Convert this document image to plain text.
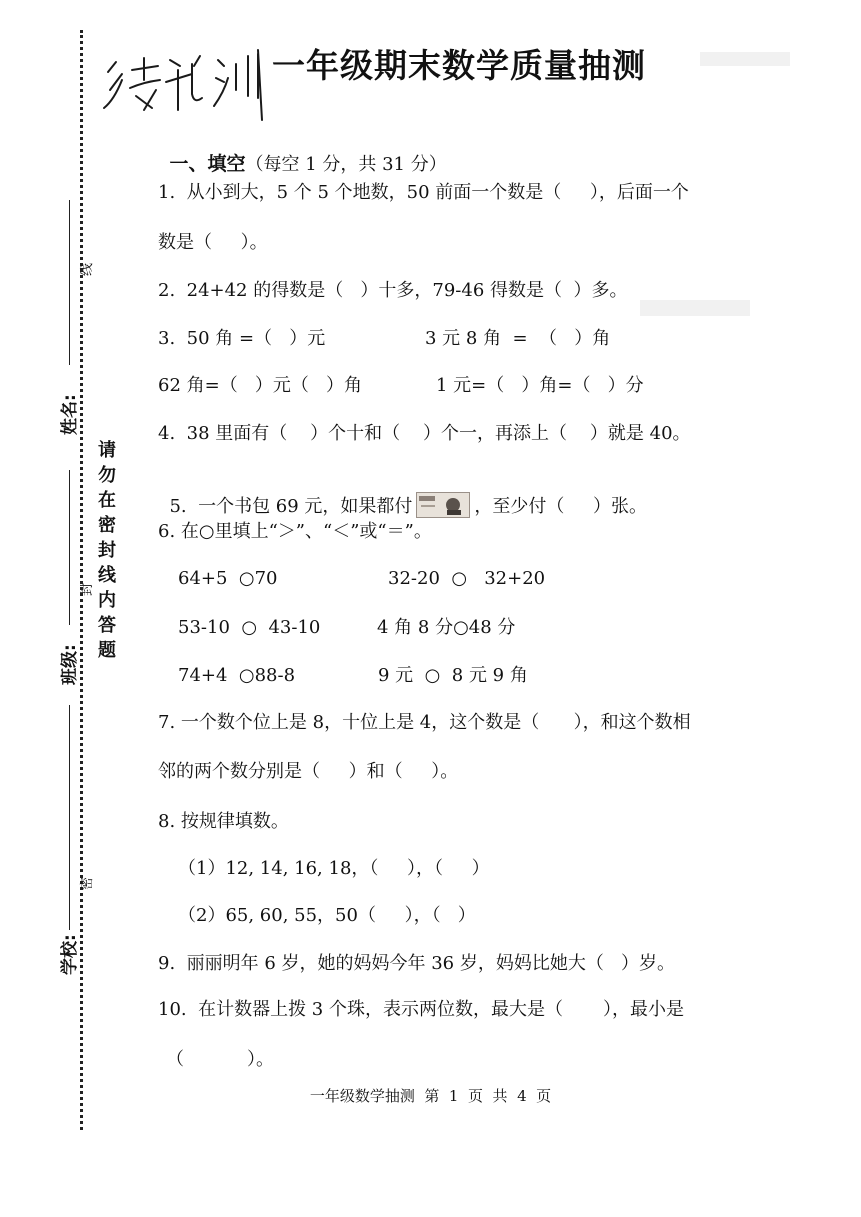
姓名:
班级:
学校:
线
封
密
请勿在密封线内答题
一年级期末数学质量抽测

一、填空（每空 1 分，共 31 分）

1.  从小到大，5 个 5 个地数，50 前面一个数是（     ），后面一个
数是（     ）。
2.  24+42 的得数是（   ）十多，79-46 得数是（  ）多。
3.  50 角 =（   ）元	3 元 8 角  =  （   ）角
62 角=（   ）元（   ）角	1 元=（   ）角=（   ）分
4.  38 里面有（    ）个十和（    ）个一，再添上（    ）就是 40。

5.  一个书包 69 元，如果都付	，至少付（     ）张。

6. 在○里填上“＞”、“＜”或“＝”。
64+5  ○70	32-20  ○   32+20
53-10  ○  43-10	4 角 8 分○48 分
74+4  ○88-8	9 元  ○  8 元 9 角
7. 一个数个位上是 8，十位上是 4，这个数是（      ），和这个数相
邻的两个数分别是（     ）和（     ）。
8. 按规律填数。
（1）12, 14, 16, 18，（     ），（     ）
（2）65, 60, 55，50（     ），（   ）
9.  丽丽明年 6 岁，她的妈妈今年 36 岁，妈妈比她大（   ）岁。
10.  在计数器上拨 3 个珠，表示两位数，最大是（       ），最小是
（           ）。
一年级数学抽测  第  1  页  共  4  页
